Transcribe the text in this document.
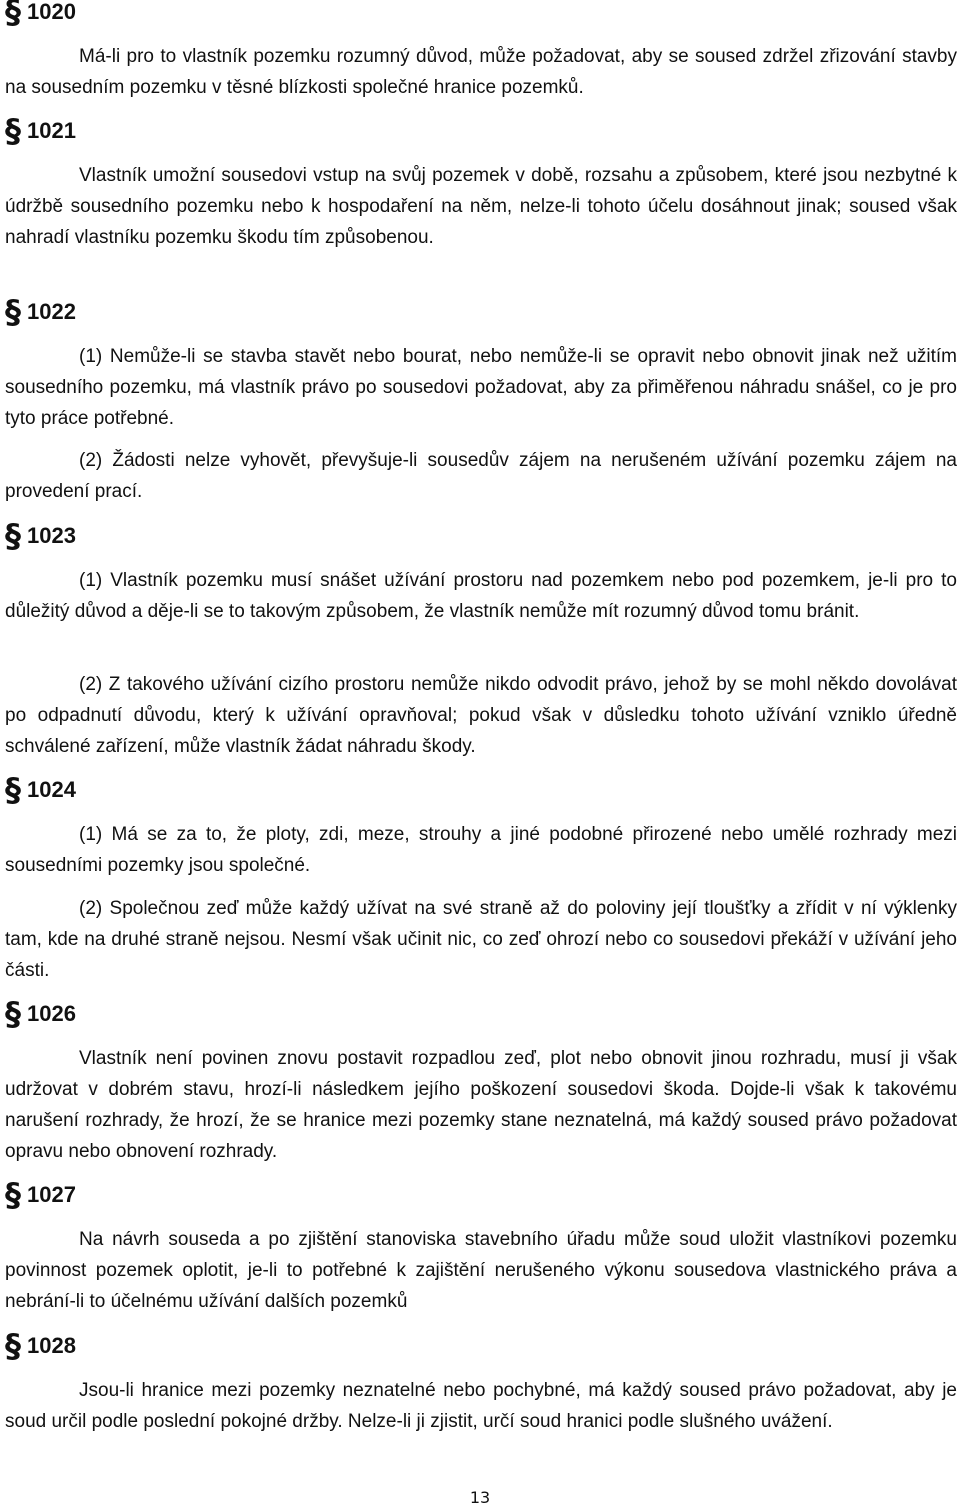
§ 1020

Má-li pro to vlastník pozemku rozumný důvod, může požadovat, aby se soused zdržel zřizování stavby na sousedním pozemku v těsné blízkosti společné hranice pozemků.

§ 1021

Vlastník umožní sousedovi vstup na svůj pozemek v době, rozsahu a způsobem, které jsou nezbytné k údržbě sousedního pozemku nebo k hospodaření na něm, nelze-li tohoto účelu dosáhnout jinak; soused však nahradí vlastníku pozemku škodu tím způsobenou.

§ 1022

(1) Nemůže-li se stavba stavět nebo bourat, nebo nemůže-li se opravit nebo obnovit jinak než užitím sousedního pozemku, má vlastník právo po sousedovi požadovat, aby za přiměřenou náhradu snášel, co je pro tyto práce potřebné.

(2) Žádosti nelze vyhovět, převyšuje-li sousedův zájem na nerušeném užívání pozemku zájem na provedení prací.

§ 1023

(1) Vlastník pozemku musí snášet užívání prostoru nad pozemkem nebo pod pozemkem, je-li pro to důležitý důvod a děje-li se to takovým způsobem, že vlastník nemůže mít rozumný důvod tomu bránit.

(2) Z takového užívání cizího prostoru nemůže nikdo odvodit právo, jehož by se mohl někdo dovolávat po odpadnutí důvodu, který k užívání opravňoval; pokud však v důsledku tohoto užívání vzniklo úředně schválené zařízení, může vlastník žádat náhradu škody.

§ 1024

(1) Má se za to, že ploty, zdi, meze, strouhy a jiné podobné přirozené nebo umělé rozhrady mezi sousedními pozemky jsou společné.

(2) Společnou zeď může každý užívat na své straně až do poloviny její tloušťky a zřídit v ní výklenky tam, kde na druhé straně nejsou. Nesmí však učinit nic, co zeď ohrozí nebo co sousedovi překáží v užívání jeho části.

§ 1026

Vlastník není povinen znovu postavit rozpadlou zeď, plot nebo obnovit jinou rozhradu, musí ji však udržovat v dobrém stavu, hrozí-li následkem jejího poškození sousedovi škoda. Dojde-li však k takovému narušení rozhrady, že hrozí, že se hranice mezi pozemky stane neznatelná, má každý soused právo požadovat opravu nebo obnovení rozhrady.

§ 1027

Na návrh souseda a po zjištění stanoviska stavebního úřadu může soud uložit vlastníkovi pozemku povinnost pozemek oplotit, je-li to potřebné k zajištění nerušeného výkonu sousedova vlastnického práva a nebrání-li to účelnému užívání dalších pozemků

§ 1028

Jsou-li hranice mezi pozemky neznatelné nebo pochybné, má každý soused právo požadovat, aby je soud určil podle poslední pokojné držby. Nelze-li ji zjistit, určí soud hranici podle slušného uvážení.

13
